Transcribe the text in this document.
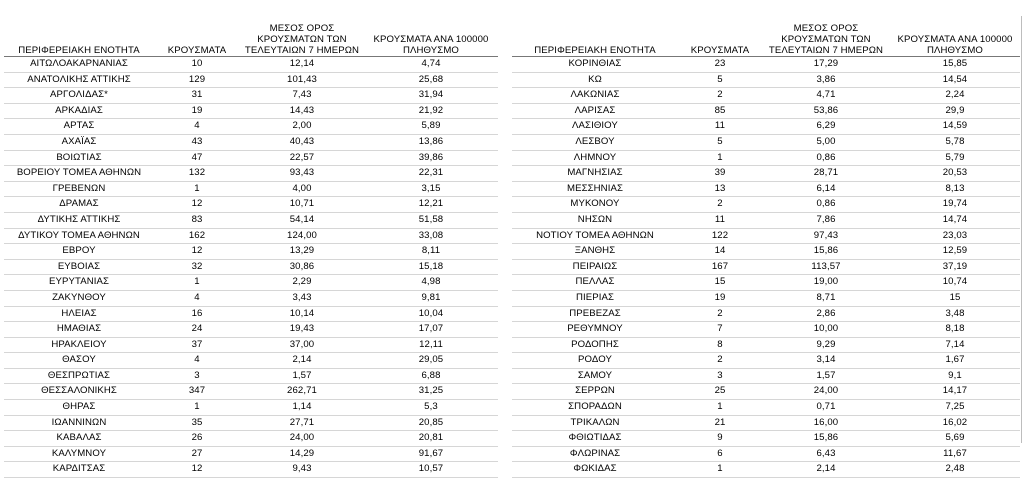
ΠΕΡΙΦΕΡΕΙΑΚΗ ΕΝΟΤΗΤΑ	ΚΡΟΥΣΜΑΤΑ	ΜΕΣΟΣ ΟΡΟΣ ΚΡΟΥΣΜΑΤΩΝ ΤΩΝ ΤΕΛΕΥΤΑΙΩΝ 7 ΗΜΕΡΩΝ	ΚΡΟΥΣΜΑΤΑ ΑΝΑ 100000 ΠΛΗΘΥΣΜΟ
ΑΙΤΩΛΟΑΚΑΡΝΑΝΙΑΣ	10	12,14	4,74
ΑΝΑΤΟΛΙΚΗΣ ΑΤΤΙΚΗΣ	129	101,43	25,68
ΑΡΓΟΛΙΔΑΣ*	31	7,43	31,94
ΑΡΚΑΔΙΑΣ	19	14,43	21,92
ΑΡΤΑΣ	4	2,00	5,89
ΑΧΑΪΑΣ	43	40,43	13,86
ΒΟΙΩΤΙΑΣ	47	22,57	39,86
ΒΟΡΕΙΟΥ ΤΟΜΕΑ ΑΘΗΝΩΝ	132	93,43	22,31
ΓΡΕΒΕΝΩΝ	1	4,00	3,15
ΔΡΑΜΑΣ	12	10,71	12,21
ΔΥΤΙΚΗΣ ΑΤΤΙΚΗΣ	83	54,14	51,58
ΔΥΤΙΚΟΥ ΤΟΜΕΑ ΑΘΗΝΩΝ	162	124,00	33,08
ΕΒΡΟΥ	12	13,29	8,11
ΕΥΒΟΙΑΣ	32	30,86	15,18
ΕΥΡΥΤΑΝΙΑΣ	1	2,29	4,98
ΖΑΚΥΝΘΟΥ	4	3,43	9,81
ΗΛΕΙΑΣ	16	10,14	10,04
ΗΜΑΘΙΑΣ	24	19,43	17,07
ΗΡΑΚΛΕΙΟΥ	37	37,00	12,11
ΘΑΣΟΥ	4	2,14	29,05
ΘΕΣΠΡΩΤΙΑΣ	3	1,57	6,88
ΘΕΣΣΑΛΟΝΙΚΗΣ	347	262,71	31,25
ΘΗΡΑΣ	1	1,14	5,3
ΙΩΑΝΝΙΝΩΝ	35	27,71	20,85
ΚΑΒΑΛΑΣ	26	24,00	20,81
ΚΑΛΥΜΝΟΥ	27	14,29	91,67
ΚΑΡΔΙΤΣΑΣ	12	9,43	10,57
ΠΕΡΙΦΕΡΕΙΑΚΗ ΕΝΟΤΗΤΑ	ΚΡΟΥΣΜΑΤΑ	ΜΕΣΟΣ ΟΡΟΣ ΚΡΟΥΣΜΑΤΩΝ ΤΩΝ ΤΕΛΕΥΤΑΙΩΝ 7 ΗΜΕΡΩΝ	ΚΡΟΥΣΜΑΤΑ ΑΝΑ 100000 ΠΛΗΘΥΣΜΟ
ΚΟΡΙΝΘΙΑΣ	23	17,29	15,85
ΚΩ	5	3,86	14,54
ΛΑΚΩΝΙΑΣ	2	4,71	2,24
ΛΑΡΙΣΑΣ	85	53,86	29,9
ΛΑΣΙΘΙΟΥ	11	6,29	14,59
ΛΕΣΒΟΥ	5	5,00	5,78
ΛΗΜΝΟΥ	1	0,86	5,79
ΜΑΓΝΗΣΙΑΣ	39	28,71	20,53
ΜΕΣΣΗΝΙΑΣ	13	6,14	8,13
ΜΥΚΟΝΟΥ	2	0,86	19,74
ΝΗΣΩΝ	11	7,86	14,74
ΝΟΤΙΟΥ ΤΟΜΕΑ ΑΘΗΝΩΝ	122	97,43	23,03
ΞΑΝΘΗΣ	14	15,86	12,59
ΠΕΙΡΑΙΩΣ	167	113,57	37,19
ΠΕΛΛΑΣ	15	19,00	10,74
ΠΙΕΡΙΑΣ	19	8,71	15
ΠΡΕΒΕΖΑΣ	2	2,86	3,48
ΡΕΘΥΜΝΟΥ	7	10,00	8,18
ΡΟΔΟΠΗΣ	8	9,29	7,14
ΡΟΔΟΥ	2	3,14	1,67
ΣΑΜΟΥ	3	1,57	9,1
ΣΕΡΡΩΝ	25	24,00	14,17
ΣΠΟΡΑΔΩΝ	1	0,71	7,25
ΤΡΙΚΑΛΩΝ	21	16,00	16,02
ΦΘΙΩΤΙΔΑΣ	9	15,86	5,69
ΦΛΩΡΙΝΑΣ	6	6,43	11,67
ΦΩΚΙΔΑΣ	1	2,14	2,48
